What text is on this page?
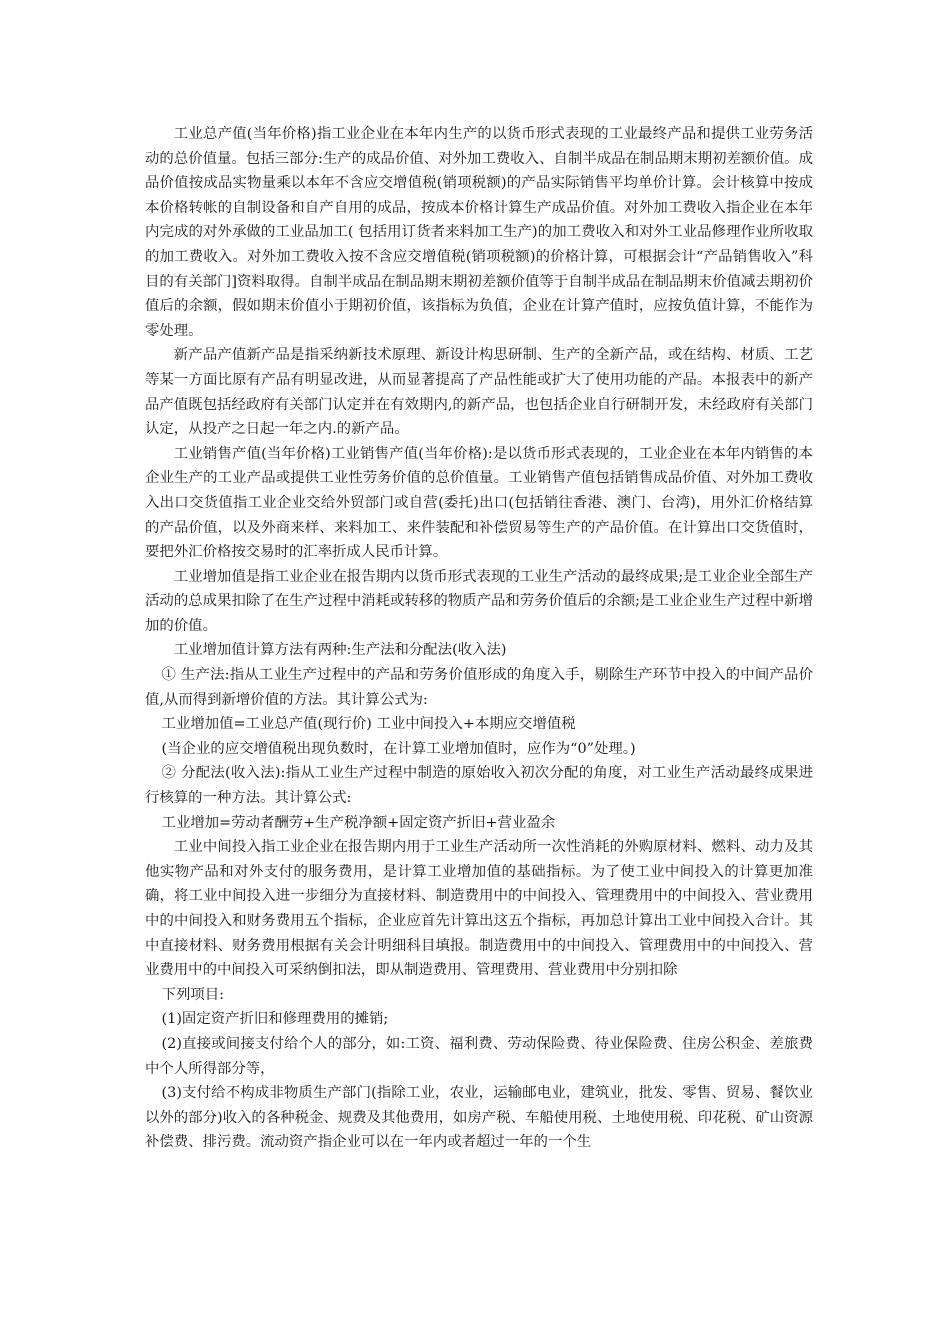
工业总产值(当年价格)指工业企业在本年内生产的以货币形式表现的工业最终产品和提供工业劳务活动的总价值量。包括三部分:生产的成品价值、对外加工费收入、自制半成品在制品期末期初差额价值。成品价值按成品实物量乘以本年不含应交增值税(销项税额)的产品实际销售平均单价计算。会计核算中按成本价格转帐的自制设备和自产自用的成品，按成本价格计算生产成品价值。对外加工费收入指企业在本年内完成的对外承做的工业品加工( 包括用订货者来料加工生产)的加工费收入和对外工业品修理作业所收取的加工费收入。对外加工费收入按不含应交增值税(销项税额)的价格计算，可根据会计“产品销售收入”科目的有关部门]资料取得。自制半成品在制品期末期初差额价值等于自制半成品在制品期末价值减去期初价值后的余额，假如期末价值小于期初价值，该指标为负值，企业在计算产值时，应按负值计算，不能作为零处理。

新产品产值新产品是指采纳新技术原理、新设计构思研制、生产的全新产品，或在结构、材质、工艺等某一方面比原有产品有明显改进，从而显著提高了产品性能或扩大了使用功能的产品。本报表中的新产品产值既包括经政府有关部门认定并在有效期内,的新产品，也包括企业自行研制开发，未经政府有关部门认定，从投产之日起一年之内.的新产品。

工业销售产值(当年价格)工业销售产值(当年价格):是以货币形式表现的，工业企业在本年内销售的本企业生产的工业产品或提供工业性劳务价值的总价值量。工业销售产值包括销售成品价值、对外加工费收入出口交货值指工业企业交给外贸部门或自营(委托)出口(包括销往香港、澳门、台湾)，用外汇价格结算的产品价值，以及外商来样、来料加工、来件装配和补偿贸易等生产的产品价值。在计算出口交货值时，要把外汇价格按交易时的汇率折成人民币计算。

工业增加值是指工业企业在报告期内以货币形式表现的工业生产活动的最终成果;是工业企业全部生产活动的总成果扣除了在生产过程中消耗或转移的物质产品和劳务价值后的余额;是工业企业生产过程中新增加的价值。

工业增加值计算方法有两种:生产法和分配法(收入法)

① 生产法:指从工业生产过程中的产品和劳务价值形成的角度入手，剔除生产环节中投入的中间产品价值,从而得到新增价值的方法。其计算公式为:

工业增加值=工业总产值(现行价) 工业中间投入+本期应交增值税

(当企业的应交增值税出现负数时，在计算工业增加值时，应作为“0”处理。)

② 分配法(收入法):指从工业生产过程中制造的原始收入初次分配的角度，对工业生产活动最终成果进行核算的一种方法。其计算公式:

工业增加=劳动者酬劳+生产税净额+固定资产折旧+营业盈余

工业中间投入指工业企业在报告期内用于工业生产活动所一次性消耗的外购原材料、燃料、动力及其他实物产品和对外支付的服务费用，是计算工业增加值的基础指标。为了使工业中间投入的计算更加准确，将工业中间投入进一步细分为直接材料、制造费用中的中间投入、管理费用中的中间投入、营业费用中的中间投入和财务费用五个指标，企业应首先计算出这五个指标，再加总计算出工业中间投入合计。其中直接材料、财务费用根据有关会计明细科目填报。制造费用中的中间投入、管理费用中的中间投入、营业费用中的中间投入可采纳倒扣法，即从制造费用、管理费用、营业费用中分别扣除

下列项目:

(1)固定资产折旧和修理费用的摊销;

(2)直接或间接支付给个人的部分，如:工资、福利费、劳动保险费、待业保险费、住房公积金、差旅费中个人所得部分等，

(3)支付给不构成非物质生产部门(指除工业，农业，运输邮电业，建筑业，批发、零售、贸易、餐饮业以外的部分)收入的各种税金、规费及其他费用，如房产税、车船使用税、土地使用税、印花税、矿山资源补偿费、排污费。流动资产指企业可以在一年内或者超过一年的一个生
